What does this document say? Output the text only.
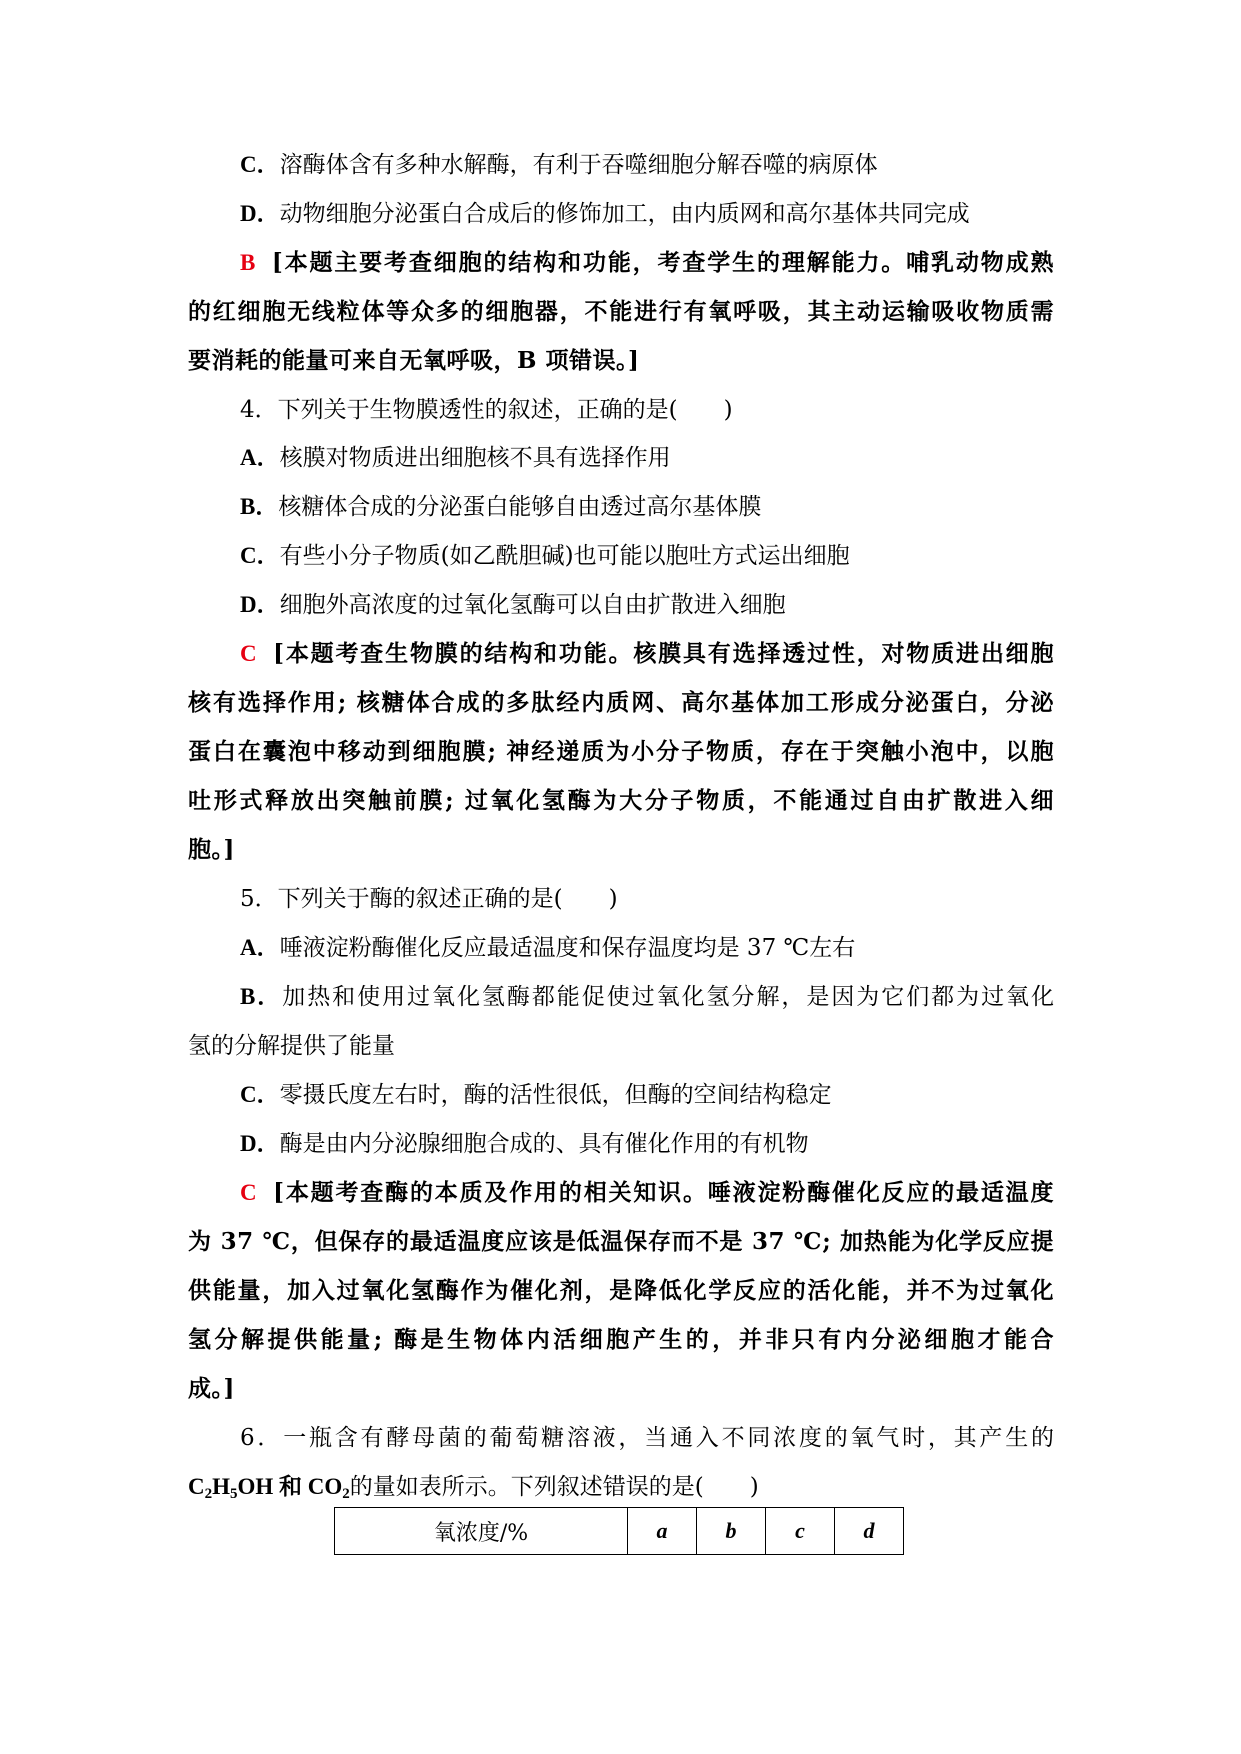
C．溶酶体含有多种水解酶，有利于吞噬细胞分解吞噬的病原体
D．动物细胞分泌蛋白合成后的修饰加工，由内质网和高尔基体共同完成
B [本题主要考查细胞的结构和功能，考查学生的理解能力。哺乳动物成熟
的红细胞无线粒体等众多的细胞器，不能进行有氧呼吸，其主动运输吸收物质需
要消耗的能量可来自无氧呼吸，B 项错误。]
4．下列关于生物膜透性的叙述，正确的是(　　)
A．核膜对物质进出细胞核不具有选择作用
B．核糖体合成的分泌蛋白能够自由透过高尔基体膜
C．有些小分子物质(如乙酰胆碱)也可能以胞吐方式运出细胞
D．细胞外高浓度的过氧化氢酶可以自由扩散进入细胞
C [本题考查生物膜的结构和功能。核膜具有选择透过性，对物质进出细胞
核有选择作用; 核糖体合成的多肽经内质网、高尔基体加工形成分泌蛋白，分泌
蛋白在囊泡中移动到细胞膜; 神经递质为小分子物质，存在于突触小泡中，以胞
吐形式释放出突触前膜; 过氧化氢酶为大分子物质，不能通过自由扩散进入细
胞。]
5．下列关于酶的叙述正确的是(　　)
A．唾液淀粉酶催化反应最适温度和保存温度均是 37 ℃左右
B．加热和使用过氧化氢酶都能促使过氧化氢分解，是因为它们都为过氧化
氢的分解提供了能量
C．零摄氏度左右时，酶的活性很低，但酶的空间结构稳定
D．酶是由内分泌腺细胞合成的、具有催化作用的有机物
C [本题考查酶的本质及作用的相关知识。唾液淀粉酶催化反应的最适温度
为 37 ℃，但保存的最适温度应该是低温保存而不是 37 ℃; 加热能为化学反应提
供能量，加入过氧化氢酶作为催化剂，是降低化学反应的活化能，并不为过氧化
氢分解提供能量; 酶是生物体内活细胞产生的，并非只有内分泌细胞才能合
成。]
6．一瓶含有酵母菌的葡萄糖溶液，当通入不同浓度的氧气时，其产生的
$C_2H_5OH$ 和 $CO_2$的量如表所示。下列叙述错误的是(　　)
氧浓度/%	a	b	c	d
